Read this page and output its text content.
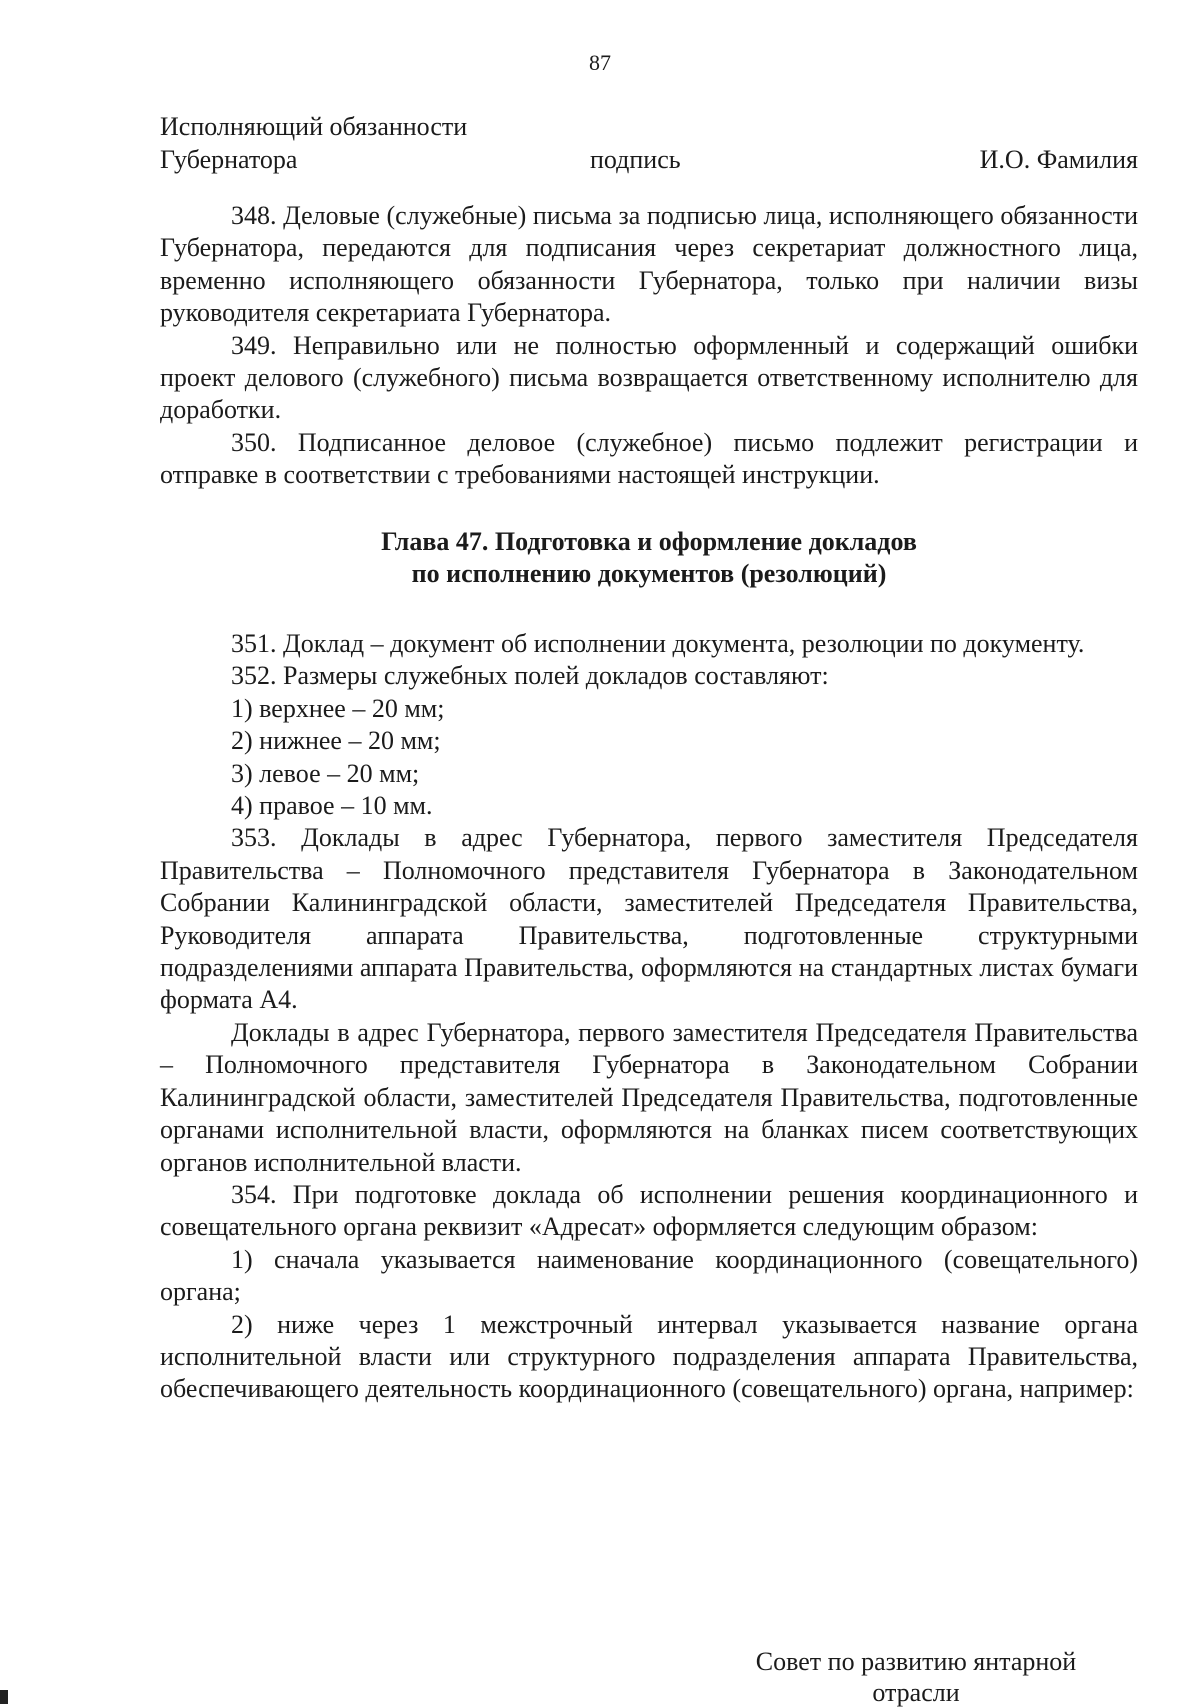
87
Исполняющий обязанности
Губернатора	подпись	И.О. Фамилия

348. Деловые (служебные) письма за подписью лица, исполняющего обязанности Губернатора, передаются для подписания через секретариат должностного лица, временно исполняющего обязанности Губернатора, только при наличии визы руководителя секретариата Губернатора.

349. Неправильно или не полностью оформленный и содержащий ошибки проект делового (служебного) письма возвращается ответственному исполнителю для доработки.

350. Подписанное деловое (служебное) письмо подлежит регистрации и отправке в соответствии с требованиями настоящей инструкции.

Глава 47. Подготовка и оформление докладов
по исполнению документов (резолюций)

351. Доклад – документ об исполнении документа, резолюции по документу.

352. Размеры служебных полей докладов составляют:

1) верхнее – 20 мм;

2) нижнее – 20 мм;

3) левое – 20 мм;

4) правое – 10 мм.

353. Доклады в адрес Губернатора, первого заместителя Председателя Правительства – Полномочного представителя Губернатора в Законодательном Собрании Калининградской области, заместителей Председателя Правительства, Руководителя аппарата Правительства, подготовленные структурными подразделениями аппарата Правительства, оформляются на стандартных листах бумаги формата А4.

Доклады в адрес Губернатора, первого заместителя Председателя Правительства – Полномочного представителя Губернатора в Законодательном Собрании Калининградской области, заместителей Председателя Правительства, подготовленные органами исполнительной власти, оформляются на бланках писем соответствующих органов исполнительной власти.

354. При подготовке доклада об исполнении решения координационного и совещательного органа реквизит «Адресат» оформляется следующим образом:

1) сначала указывается наименование координационного (совещательного) органа;

2) ниже через 1 межстрочный интервал указывается название органа исполнительной власти или структурного подразделения аппарата Правительства, обеспечивающего деятельность координационного (совещательного) органа, например:

Совет по развитию янтарной
отрасли
